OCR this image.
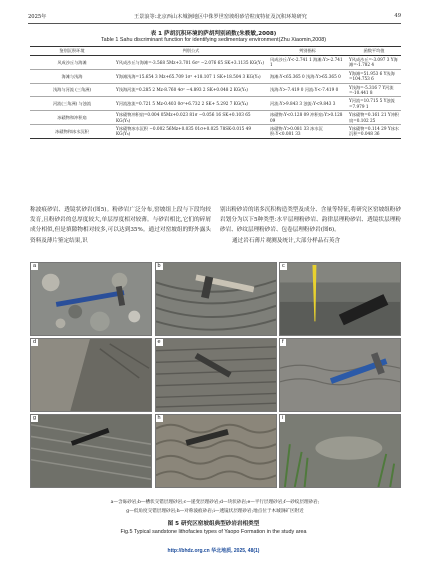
2025年	王景浪等:北京西山木城涧地区中侏罗世窑坡组砂岩粒度特征及沉积环境研究	49
表 1 萨胡沉积环境的萨胡判别函数(朱筱敏,2008)
Table 1 Sahu discriminant function for identifying sedimentary environment(Zhu Xiaomin,2008)
鉴别沉积环境	判别公式	判别指标	函数平均值
风成沙丘与海滩	Y风成沙丘与海滩=-3.568 5Mz+3.701 6σ² −2.076 65 SK+3.1135 KG(Y₁)	风成沙丘:Y<-2.741 1 海滩:Y>-2.741 1	Y风成沙丘=-3.097 3 Y海滩=-1.782 4
海滩与浅海	Y海滩浅海=15.654 3 Mz+65.709 1σ² +18.107 1 SK+18.504 3 KG(Y₂)	海滩:Y<65.365 0 浅海:Y>65.365 0	Y海滩=51.953 6 Y浅海=104.753 6
浅海与河流 (三角洲)	Y浅海河流=0.285 2 Mz-8.760 4σ² −4.893 2 SK+0.048 2 KG(Y₃)	浅海:Y>-7.419 0 河流:Y<-7.419 0	Y浅海=-5.316 7 Y河流=-10.441 8
河流(三角洲) 与浊流	Y河流浊流=0.721 5 Mz-0.403 0σ²+6.732 2 SK+ 5.292 7 KG(Y₄)	河流:Y>9.843 3 浊流:Y<9.843 3	Y河流=10.715 5 Y浊流=7.979 1
冰碛物和冲积扇	Y冰碛物冲积扇=0.004 05Mz+0.023 81σ −0.056 16 SK+0.103 65 KG(Y₅)	冰碛物:Y<0.128 09 冲积扇:Y>0.128 09	Y冰碛物=0.161 21 Y冲积扇=0.102 25
冰碛物和冰水沉积	Y冰碛物冰水沉积 −0.002 56Mz+0.035 01σ+0.025 78SK-0.015 49 KG(Y₆)	冰碛物:Y>0.081 33 冰水沉积:Y<0.081 33	Y冰碛物=0.114 29 Y冰水沉积=0.048 36

称波痕砂岩、透镜状砂岩(图5)。粉砂岩广泛分布,窑坡组上段与下段均较发育,且粉砂岩的总厚度较大,单层厚度相对较薄。与砂岩相比,它们的碎屑成分相似,但是填隙物相对较多,可以达到35%。通过对窑坡组的野外露头资料及薄片鉴定结果,识

别出粉砂岩的诸多沉积构造类型及成分、含量等特征,将研究区窑坡组粉砂岩划分为以下5种类型:水平层理粉砂岩、韵律层理粉砂岩、透镜状层理粉砂岩、砂纹层理粉砂岩、包卷层理粉砂岩(图6)。

通过岩石薄片观测及统计,大部分样品石英含

a	b	c
d	e	f
g	h	i
a—含砾砂岩;b—槽状交错层理砂岩;c—递变层理砂岩;d—块状砂岩;e—平行层理砂岩;f—砂纹层理砂岩;
g—低角度交错层理砂岩;h—对称波痕砂岩;i—透镜状层理砂岩;地点位于木城涧矿区附近
图 5 研究区窑坡组典型砂岩岩相类型
Fig.5 Typical sandstone lithofacies types of Yaopo Formation in the study area
http://bhdz.org.cn 华北地质, 2025, 48(1)
